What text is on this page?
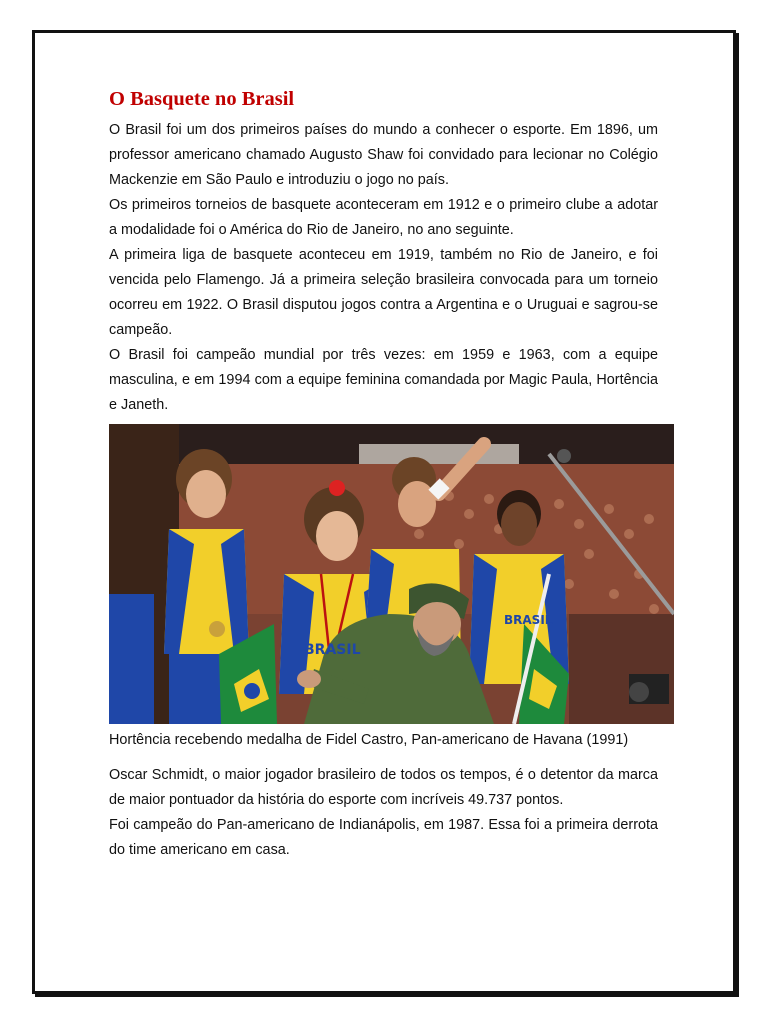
O Basquete no Brasil

O Brasil foi um dos primeiros países do mundo a conhecer o esporte. Em 1896, um professor americano chamado Augusto Shaw foi convidado para lecionar no Colégio Mackenzie em São Paulo e introduziu o jogo no país.

Os primeiros torneios de basquete aconteceram em 1912 e o primeiro clube a adotar a modalidade foi o América do Rio de Janeiro, no ano seguinte.

A primeira liga de basquete aconteceu em 1919, também no Rio de Janeiro, e foi vencida pelo Flamengo. Já a primeira seleção brasileira convocada para um torneio ocorreu em 1922. O Brasil disputou jogos contra a Argentina e o Uruguai e sagrou-se campeão.

O Brasil foi campeão mundial por três vezes: em 1959 e 1963, com a equipe masculina, e em 1994 com a equipe feminina comandada por Magic Paula, Hortência e Janeth.

BRASIL
BRASIL

Hortência recebendo medalha de Fidel Castro, Pan-americano de Havana (1991)

Oscar Schmidt, o maior jogador brasileiro de todos os tempos, é o detentor da marca de maior pontuador da história do esporte com incríveis 49.737 pontos.

Foi campeão do Pan-americano de Indianápolis, em 1987. Essa foi a primeira derrota do time americano em casa.
